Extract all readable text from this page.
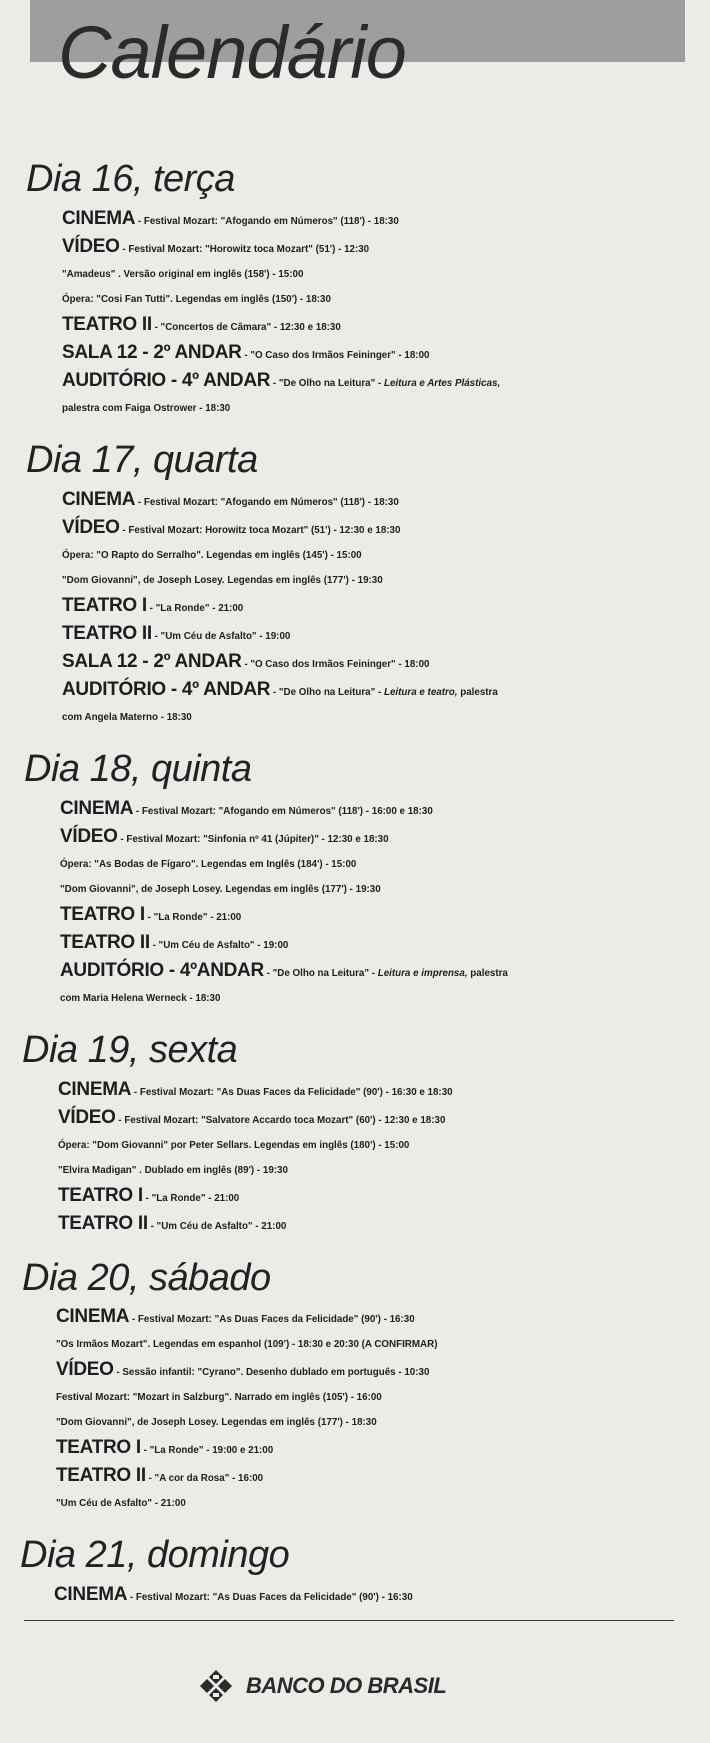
Calendário
Dia 16, terça

CINEMA - Festival Mozart: "Afogando em Números" (118') - 18:30

VÍDEO - Festival Mozart: "Horowitz toca Mozart" (51') - 12:30

"Amadeus" . Versão original em inglês (158') - 15:00

Ópera: "Cosi Fan Tutti". Legendas em inglês (150') - 18:30

TEATRO II - "Concertos de Câmara" - 12:30 e 18:30

SALA 12 - 2º ANDAR - "O Caso dos Irmãos Feininger" - 18:00

AUDITÓRIO - 4º ANDAR - "De Olho na Leitura" - Leitura e Artes Plásticas,

palestra com Faiga Ostrower - 18:30

Dia 17, quarta

CINEMA - Festival Mozart: "Afogando em Números" (118') - 18:30

VÍDEO - Festival Mozart: Horowitz toca Mozart" (51') - 12:30 e 18:30

Ópera: "O Rapto do Serralho". Legendas em inglês (145') - 15:00

"Dom Giovanni", de Joseph Losey. Legendas em inglês (177') - 19:30

TEATRO I - "La Ronde" - 21:00

TEATRO II - "Um Céu de Asfalto" - 19:00

SALA 12 - 2º ANDAR - "O Caso dos Irmãos Feininger" - 18:00

AUDITÓRIO - 4º ANDAR - "De Olho na Leitura" - Leitura e teatro, palestra

com Angela Materno - 18:30

Dia 18, quinta

CINEMA - Festival Mozart: "Afogando em Números" (118') - 16:00 e 18:30

VÍDEO - Festival Mozart: "Sinfonia nº 41 (Júpiter)" - 12:30 e 18:30

Ópera: "As Bodas de Fígaro". Legendas em Inglês (184') - 15:00

"Dom Giovanni", de Joseph Losey. Legendas em inglês (177') - 19:30

TEATRO I - "La Ronde" - 21:00

TEATRO II - "Um Céu de Asfalto" - 19:00

AUDITÓRIO - 4ºANDAR - "De Olho na Leitura" - Leitura e imprensa, palestra

com Maria Helena Werneck - 18:30

Dia 19, sexta

CINEMA - Festival Mozart: "As Duas Faces da Felicidade" (90') - 16:30 e 18:30

VÍDEO - Festival Mozart: "Salvatore Accardo toca Mozart" (60') - 12:30 e 18:30

Ópera: "Dom Giovanni" por Peter Sellars. Legendas em inglês (180') - 15:00

"Elvira Madigan" . Dublado em inglês (89') - 19:30

TEATRO I - "La Ronde" - 21:00

TEATRO II - "Um Céu de Asfalto" - 21:00

Dia 20, sábado

CINEMA - Festival Mozart: "As Duas Faces da Felicidade" (90') - 16:30

"Os Irmãos Mozart". Legendas em espanhol (109') - 18:30 e 20:30 (A CONFIRMAR)

VÍDEO - Sessão infantil: "Cyrano". Desenho dublado em português - 10:30

Festival Mozart: "Mozart in Salzburg". Narrado em inglês (105') - 16:00

"Dom Giovanni", de Joseph Losey. Legendas em inglês (177') - 18:30

TEATRO I - "La Ronde" - 19:00 e 21:00

TEATRO II - "A cor da Rosa" - 16:00

"Um Céu de Asfalto" - 21:00

Dia 21, domingo

CINEMA - Festival Mozart: "As Duas Faces da Felicidade" (90') - 16:30

BANCO DO BRASIL
